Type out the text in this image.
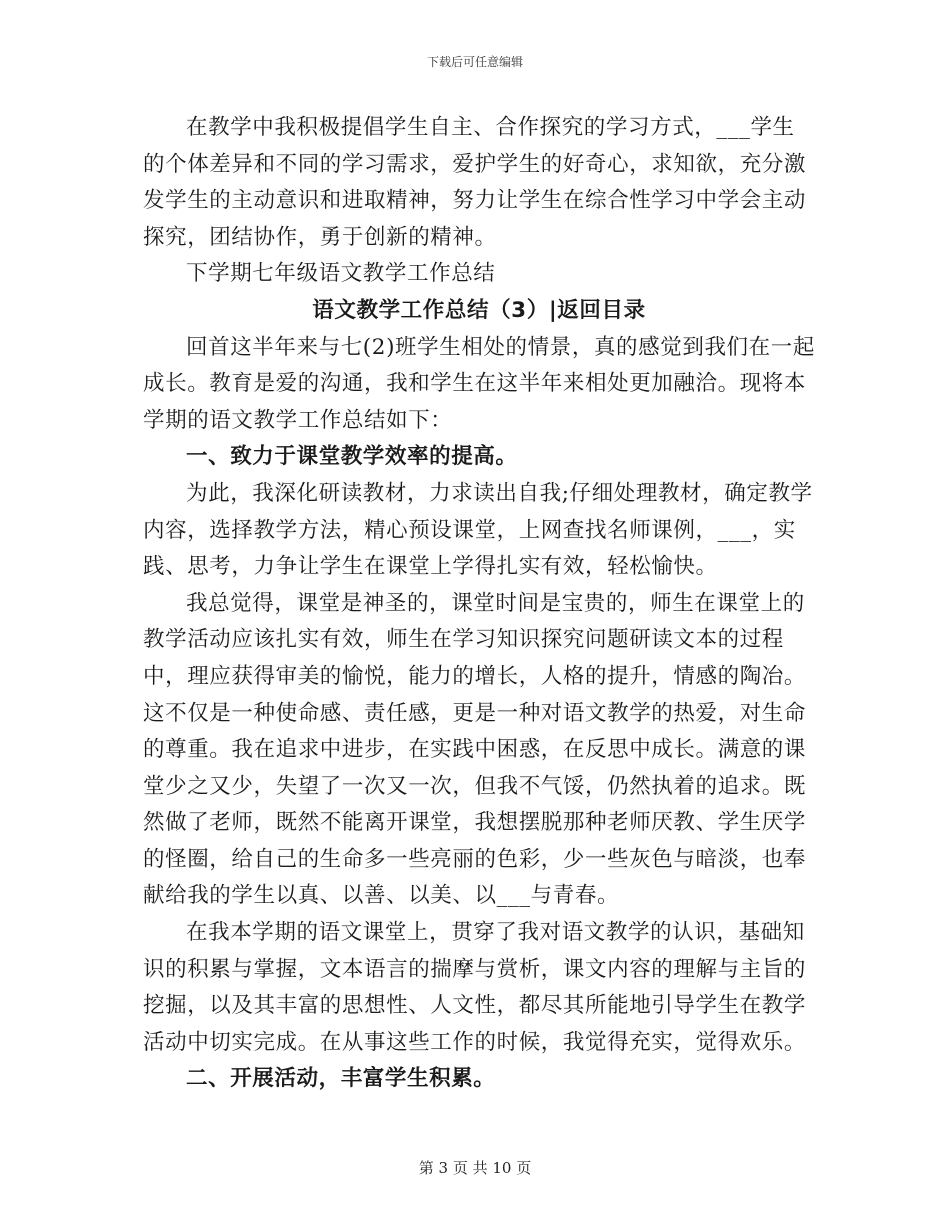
下载后可任意编辑

在教学中我积极提倡学生自主、合作探究的学习方式，___学生的个体差异和不同的学习需求，爱护学生的好奇心，求知欲，充分激发学生的主动意识和进取精神，努力让学生在综合性学习中学会主动探究，团结协作，勇于创新的精神。

下学期七年级语文教学工作总结

语文教学工作总结（3）|返回目录

回首这半年来与七(2)班学生相处的情景，真的感觉到我们在一起成长。教育是爱的沟通，我和学生在这半年来相处更加融洽。现将本学期的语文教学工作总结如下：

一、致力于课堂教学效率的提高。

为此，我深化研读教材，力求读出自我;仔细处理教材，确定教学内容，选择教学方法，精心预设课堂，上网查找名师课例，___，实践、思考，力争让学生在课堂上学得扎实有效，轻松愉快。

我总觉得，课堂是神圣的，课堂时间是宝贵的，师生在课堂上的教学活动应该扎实有效，师生在学习知识探究问题研读文本的过程中，理应获得审美的愉悦，能力的增长，人格的提升，情感的陶冶。这不仅是一种使命感、责任感，更是一种对语文教学的热爱，对生命的尊重。我在追求中进步，在实践中困惑，在反思中成长。满意的课堂少之又少，失望了一次又一次，但我不气馁，仍然执着的追求。既然做了老师，既然不能离开课堂，我想摆脱那种老师厌教、学生厌学的怪圈，给自己的生命多一些亮丽的色彩，少一些灰色与暗淡，也奉献给我的学生以真、以善、以美、以___与青春。

在我本学期的语文课堂上，贯穿了我对语文教学的认识，基础知识的积累与掌握，文本语言的揣摩与赏析，课文内容的理解与主旨的挖掘，以及其丰富的思想性、人文性，都尽其所能地引导学生在教学活动中切实完成。在从事这些工作的时候，我觉得充实，觉得欢乐。

二、开展活动，丰富学生积累。

第 3 页 共 10 页
